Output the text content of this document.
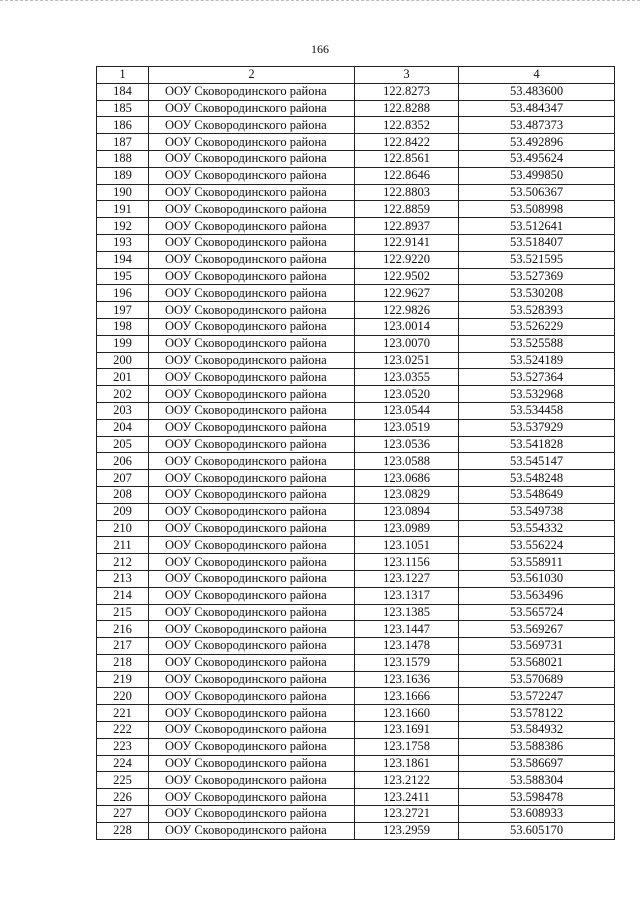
166
1	2	3	4
184	ООУ Сковородинского района	122.8273	53.483600
185	ООУ Сковородинского района	122.8288	53.484347
186	ООУ Сковородинского района	122.8352	53.487373
187	ООУ Сковородинского района	122.8422	53.492896
188	ООУ Сковородинского района	122.8561	53.495624
189	ООУ Сковородинского района	122.8646	53.499850
190	ООУ Сковородинского района	122.8803	53.506367
191	ООУ Сковородинского района	122.8859	53.508998
192	ООУ Сковородинского района	122.8937	53.512641
193	ООУ Сковородинского района	122.9141	53.518407
194	ООУ Сковородинского района	122.9220	53.521595
195	ООУ Сковородинского района	122.9502	53.527369
196	ООУ Сковородинского района	122.9627	53.530208
197	ООУ Сковородинского района	122.9826	53.528393
198	ООУ Сковородинского района	123.0014	53.526229
199	ООУ Сковородинского района	123.0070	53.525588
200	ООУ Сковородинского района	123.0251	53.524189
201	ООУ Сковородинского района	123.0355	53.527364
202	ООУ Сковородинского района	123.0520	53.532968
203	ООУ Сковородинского района	123.0544	53.534458
204	ООУ Сковородинского района	123.0519	53.537929
205	ООУ Сковородинского района	123.0536	53.541828
206	ООУ Сковородинского района	123.0588	53.545147
207	ООУ Сковородинского района	123.0686	53.548248
208	ООУ Сковородинского района	123.0829	53.548649
209	ООУ Сковородинского района	123.0894	53.549738
210	ООУ Сковородинского района	123.0989	53.554332
211	ООУ Сковородинского района	123.1051	53.556224
212	ООУ Сковородинского района	123.1156	53.558911
213	ООУ Сковородинского района	123.1227	53.561030
214	ООУ Сковородинского района	123.1317	53.563496
215	ООУ Сковородинского района	123.1385	53.565724
216	ООУ Сковородинского района	123.1447	53.569267
217	ООУ Сковородинского района	123.1478	53.569731
218	ООУ Сковородинского района	123.1579	53.568021
219	ООУ Сковородинского района	123.1636	53.570689
220	ООУ Сковородинского района	123.1666	53.572247
221	ООУ Сковородинского района	123.1660	53.578122
222	ООУ Сковородинского района	123.1691	53.584932
223	ООУ Сковородинского района	123.1758	53.588386
224	ООУ Сковородинского района	123.1861	53.586697
225	ООУ Сковородинского района	123.2122	53.588304
226	ООУ Сковородинского района	123.2411	53.598478
227	ООУ Сковородинского района	123.2721	53.608933
228	ООУ Сковородинского района	123.2959	53.605170
